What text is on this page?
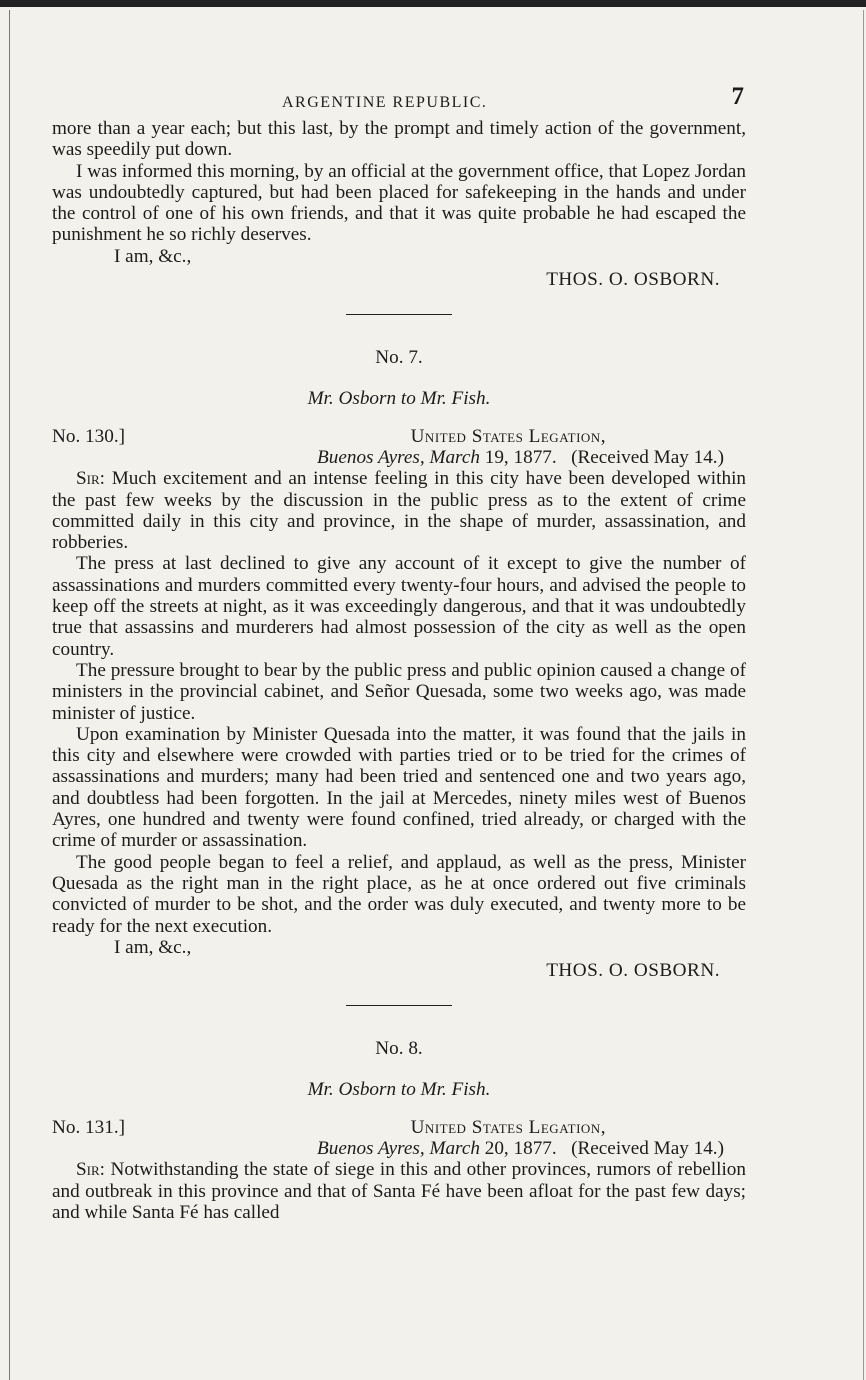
ARGENTINE REPUBLIC.	7

more than a year each; but this last, by the prompt and timely action of the government, was speedily put down.

I was informed this morning, by an official at the government office, that Lopez Jordan was undoubtedly captured, but had been placed for safekeeping in the hands and under the control of one of his own friends, and that it was quite probable he had escaped the punishment he so richly deserves.

I am, &c.,

THOS. O. OSBORN.

No. 7.

Mr. Osborn to Mr. Fish.

No. 130.]	United States Legation,

Buenos Ayres, March 19, 1877. (Received May 14.)

Sir: Much excitement and an intense feeling in this city have been developed within the past few weeks by the discussion in the public press as to the extent of crime committed daily in this city and province, in the shape of murder, assassination, and robberies.

The press at last declined to give any account of it except to give the number of assassinations and murders committed every twenty-four hours, and advised the people to keep off the streets at night, as it was exceedingly dangerous, and that it was undoubtedly true that assassins and murderers had almost possession of the city as well as the open country.

The pressure brought to bear by the public press and public opinion caused a change of ministers in the provincial cabinet, and Señor Quesada, some two weeks ago, was made minister of justice.

Upon examination by Minister Quesada into the matter, it was found that the jails in this city and elsewhere were crowded with parties tried or to be tried for the crimes of assassinations and murders; many had been tried and sentenced one and two years ago, and doubtless had been forgotten. In the jail at Mercedes, ninety miles west of Buenos Ayres, one hundred and twenty were found confined, tried already, or charged with the crime of murder or assassination.

The good people began to feel a relief, and applaud, as well as the press, Minister Quesada as the right man in the right place, as he at once ordered out five criminals convicted of murder to be shot, and the order was duly executed, and twenty more to be ready for the next execution.

I am, &c.,

THOS. O. OSBORN.

No. 8.

Mr. Osborn to Mr. Fish.

No. 131.]	United States Legation,

Buenos Ayres, March 20, 1877. (Received May 14.)

Sir: Notwithstanding the state of siege in this and other provinces, rumors of rebellion and outbreak in this province and that of Santa Fé have been afloat for the past few days; and while Santa Fé has called
